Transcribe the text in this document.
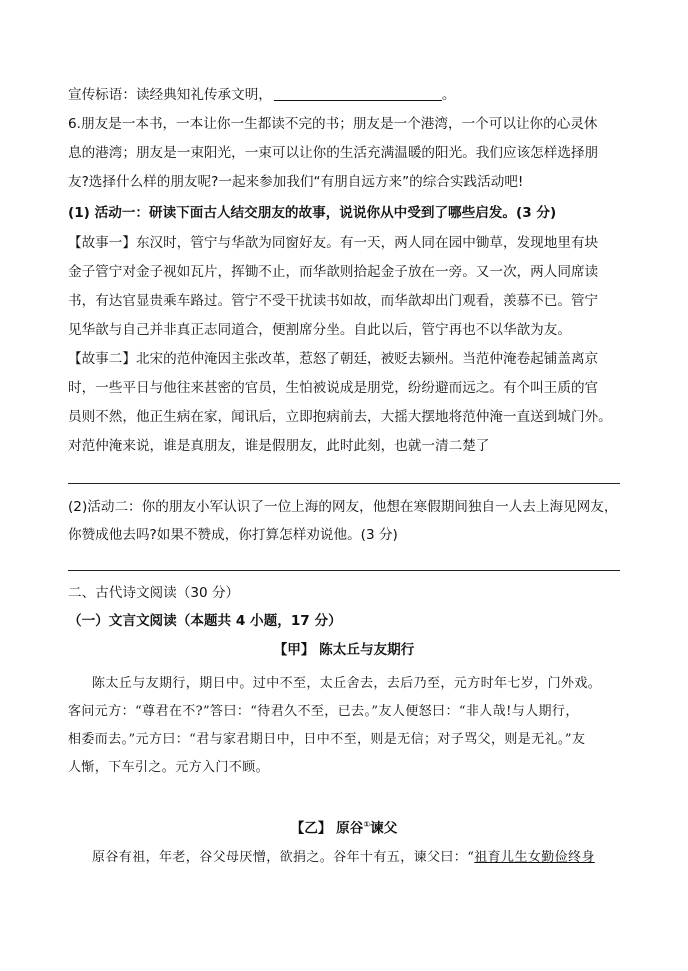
宣传标语：读经典知礼传承文明，	。
6.朋友是一本书，一本让你一生都读不完的书；朋友是一个港湾，一个可以让你的心灵休
息的港湾；朋友是一束阳光，一束可以让你的生活充满温暖的阳光。我们应该怎样选择朋
友?选择什么样的朋友呢?一起来参加我们“有朋自远方来”的综合实践活动吧!
(1) 活动一：研读下面古人结交朋友的故事，说说你从中受到了哪些启发。(3 分)
【故事一】东汉时，管宁与华歆为同窗好友。有一天，两人同在园中锄草，发现地里有块
金子管宁对金子视如瓦片，挥锄不止，而华歆则拾起金子放在一旁。又一次，两人同席读
书，有达官显贵乘车路过。管宁不受干扰读书如故，而华歆却出门观看，羡慕不已。管宁
见华歆与自己并非真正志同道合，便割席分坐。自此以后，管宁再也不以华歆为友。
【故事二】北宋的范仲淹因主张改革，惹怒了朝廷，被贬去颍州。当范仲淹卷起铺盖离京
时，一些平日与他往来甚密的官员，生怕被说成是朋党，纷纷避而远之。有个叫王质的官
员则不然，他正生病在家，闻讯后，立即抱病前去，大摇大摆地将范仲淹一直送到城门外。
对范仲淹来说，谁是真朋友，谁是假朋友，此时此刻，也就一清二楚了
(2)活动二：你的朋友小军认识了一位上海的网友，他想在寒假期间独自一人去上海见网友，
你赞成他去吗?如果不赞成，你打算怎样劝说他。(3 分)
二、古代诗文阅读（30 分）
（一）文言文阅读（本题共 4 小题，17 分）
【甲】 陈太丘与友期行
陈太丘与友期行，期日中。过中不至，太丘舍去，去后乃至，元方时年七岁，门外戏。
客问元方：“尊君在不?”答曰：“待君久不至，已去。”友人便怒曰：“非人哉!与人期行，
相委而去。”元方曰：“君与家君期日中，日中不至，则是无信；对子骂父，则是无礼。”友
人惭，下车引之。元方入门不顾。
【乙】 原谷①谏父
原谷有祖，年老，谷父母厌憎，欲捐之。谷年十有五，谏父曰：“祖育儿生女勤俭终身
